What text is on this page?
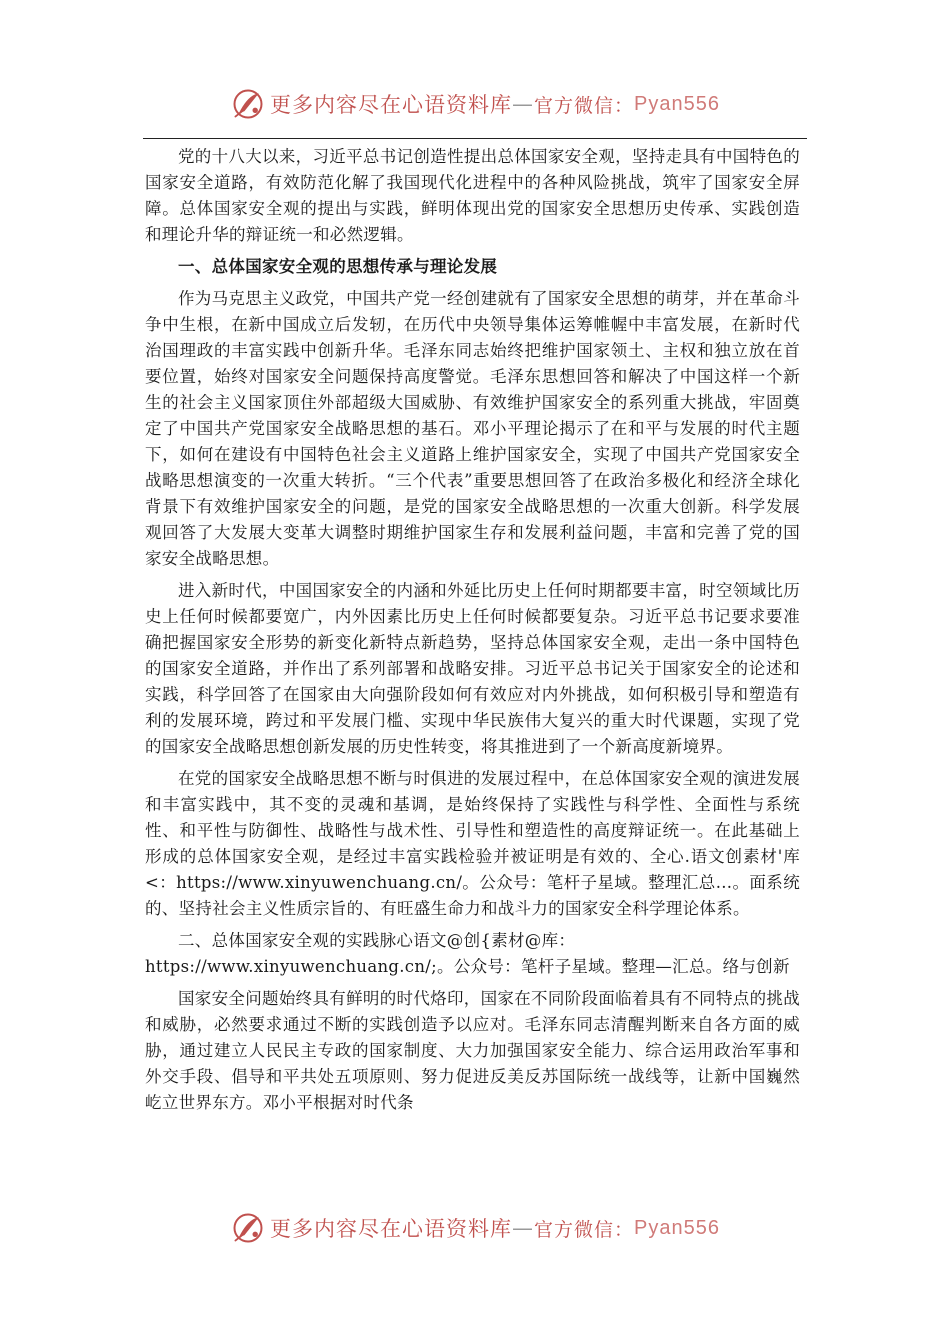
更多内容尽在心语资料库 — 官方微信： Pyan556

党的十八大以来，习近平总书记创造性提出总体国家安全观，坚持走具有中国特色的国家安全道路，有效防范化解了我国现代化进程中的各种风险挑战，筑牢了国家安全屏障。总体国家安全观的提出与实践，鲜明体现出党的国家安全思想历史传承、实践创造和理论升华的辩证统一和必然逻辑。

一、总体国家安全观的思想传承与理论发展

作为马克思主义政党，中国共产党一经创建就有了国家安全思想的萌芽，并在革命斗争中生根，在新中国成立后发轫，在历代中央领导集体运筹帷幄中丰富发展，在新时代治国理政的丰富实践中创新升华。毛泽东同志始终把维护国家领土、主权和独立放在首要位置，始终对国家安全问题保持高度警觉。毛泽东思想回答和解决了中国这样一个新生的社会主义国家顶住外部超级大国威胁、有效维护国家安全的系列重大挑战，牢固奠定了中国共产党国家安全战略思想的基石。邓小平理论揭示了在和平与发展的时代主题下，如何在建设有中国特色社会主义道路上维护国家安全，实现了中国共产党国家安全战略思想演变的一次重大转折。“三个代表”重要思想回答了在政治多极化和经济全球化背景下有效维护国家安全的问题，是党的国家安全战略思想的一次重大创新。科学发展观回答了大发展大变革大调整时期维护国家生存和发展利益问题，丰富和完善了党的国家安全战略思想。

进入新时代，中国国家安全的内涵和外延比历史上任何时期都要丰富，时空领域比历史上任何时候都要宽广，内外因素比历史上任何时候都要复杂。习近平总书记要求要准确把握国家安全形势的新变化新特点新趋势，坚持总体国家安全观，走出一条中国特色的国家安全道路，并作出了系列部署和战略安排。习近平总书记关于国家安全的论述和实践，科学回答了在国家由大向强阶段如何有效应对内外挑战，如何积极引导和塑造有利的发展环境，跨过和平发展门槛、实现中华民族伟大复兴的重大时代课题，实现了党的国家安全战略思想创新发展的历史性转变，将其推进到了一个新高度新境界。

在党的国家安全战略思想不断与时俱进的发展过程中，在总体国家安全观的演进发展和丰富实践中，其不变的灵魂和基调，是始终保持了实践性与科学性、全面性与系统性、和平性与防御性、战略性与战术性、引导性和塑造性的高度辩证统一。在此基础上形成的总体国家安全观，是经过丰富实践检验并被证明是有效的、全心.语文创素材'库<：https://www.xinyuwenchuang.cn/。公众号：笔杆子星域。整理汇总…。面系统的、坚持社会主义性质宗旨的、有旺盛生命力和战斗力的国家安全科学理论体系。

二、总体国家安全观的实践脉心语文@创{素材@库：https://www.xinyuwenchuang.cn/;。公众号：笔杆子星域。整理—汇总。络与创新

国家安全问题始终具有鲜明的时代烙印，国家在不同阶段面临着具有不同特点的挑战和威胁，必然要求通过不断的实践创造予以应对。毛泽东同志清醒判断来自各方面的威胁，通过建立人民民主专政的国家制度、大力加强国家安全能力、综合运用政治军事和外交手段、倡导和平共处五项原则、努力促进反美反苏国际统一战线等，让新中国巍然屹立世界东方。邓小平根据对时代条

更多内容尽在心语资料库 — 官方微信： Pyan556
